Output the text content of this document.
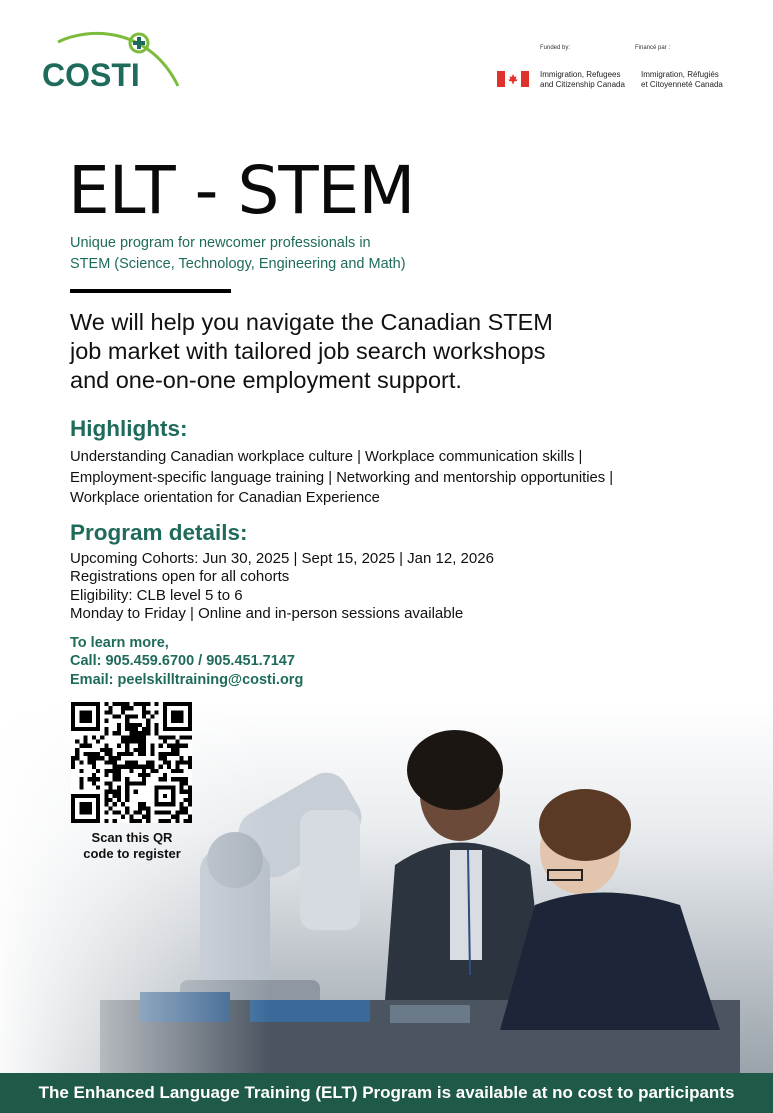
COSTI
Funded by:	Financé par :
Immigration, Refugees
and Citizenship Canada
Immigration, Réfugiés
et Citoyenneté Canada
ELT - STEM
Unique program for newcomer professionals in
STEM (Science, Technology, Engineering and Math)
We will help you navigate the Canadian STEM
job market with tailored job search workshops
and one-on-one employment support.
Highlights:
Understanding Canadian workplace culture | Workplace communication skills |
Employment-specific language training | Networking and mentorship opportunities |
Workplace orientation for Canadian Experience
Program details:
Upcoming Cohorts: Jun 30, 2025 | Sept 15, 2025 | Jan 12, 2026
Registrations open for all cohorts
Eligibility: CLB level 5 to 6
Monday to Friday | Online and in-person sessions available
To learn more,
Call: 905.459.6700 / 905.451.7147
Email: peelskilltraining@costi.org
Scan this QR
code to register
The Enhanced Language Training (ELT) Program is available at no cost to participants
